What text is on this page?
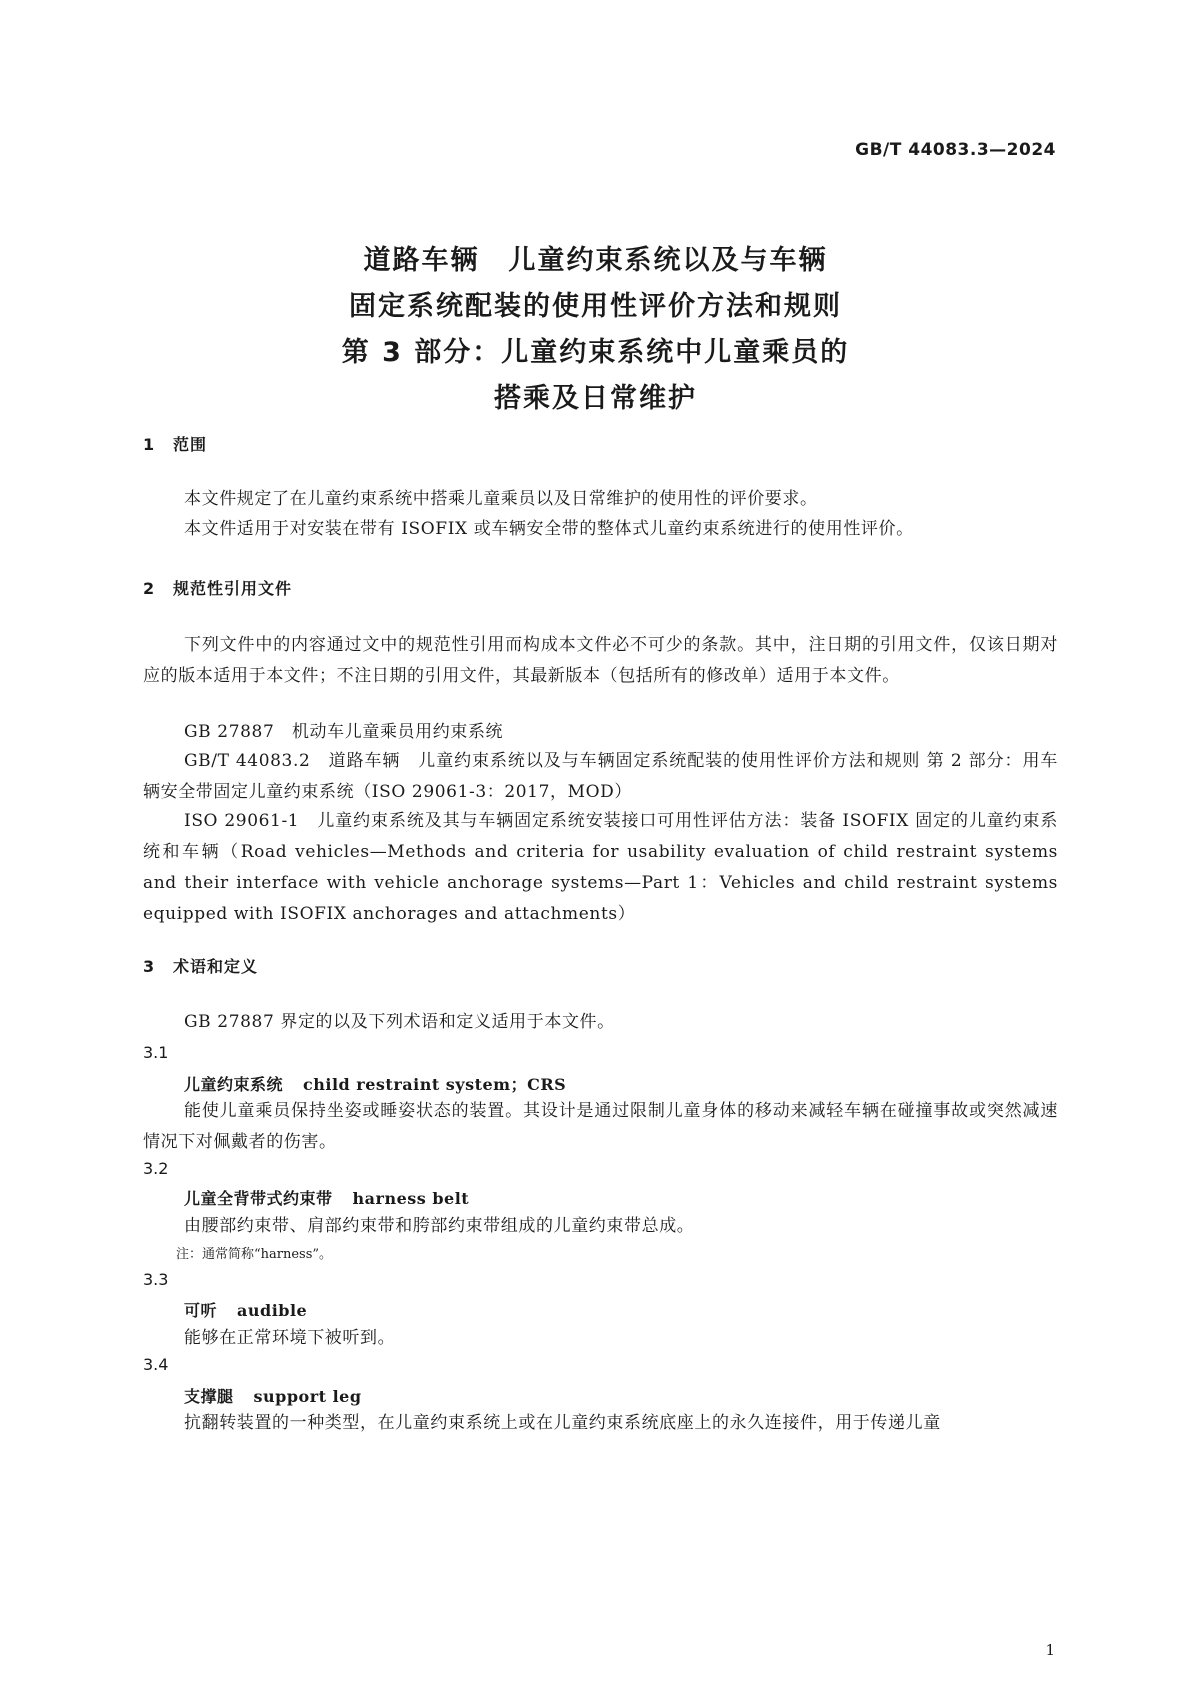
GB/T 44083.3—2024
道路车辆　儿童约束系统以及与车辆
固定系统配装的使用性评价方法和规则
第 3 部分：儿童约束系统中儿童乘员的
搭乘及日常维护
1 范围
本文件规定了在儿童约束系统中搭乘儿童乘员以及日常维护的使用性的评价要求。
本文件适用于对安装在带有 ISOFIX 或车辆安全带的整体式儿童约束系统进行的使用性评价。
2 规范性引用文件
下列文件中的内容通过文中的规范性引用而构成本文件必不可少的条款。其中，注日期的引用文件，仅该日期对应的版本适用于本文件；不注日期的引用文件，其最新版本（包括所有的修改单）适用于本文件。
GB 27887　机动车儿童乘员用约束系统
GB/T 44083.2　道路车辆　儿童约束系统以及与车辆固定系统配装的使用性评价方法和规则 第 2 部分：用车辆安全带固定儿童约束系统（ISO 29061-3：2017，MOD）
ISO 29061-1　儿童约束系统及其与车辆固定系统安装接口可用性评估方法：装备 ISOFIX 固定的儿童约束系统和车辆（Road vehicles—Methods and criteria for usability evaluation of child restraint systems and their interface with vehicle anchorage systems—Part 1：Vehicles and child restraint systems equipped with ISOFIX anchorages and attachments）
3 术语和定义
GB 27887 界定的以及下列术语和定义适用于本文件。
3.1
儿童约束系统 child restraint system；CRS
能使儿童乘员保持坐姿或睡姿状态的装置。其设计是通过限制儿童身体的移动来减轻车辆在碰撞事故或突然减速情况下对佩戴者的伤害。
3.2
儿童全背带式约束带 harness belt
由腰部约束带、肩部约束带和胯部约束带组成的儿童约束带总成。
注：通常简称“harness”。
3.3
可听 audible
能够在正常环境下被听到。
3.4
支撑腿 support leg
抗翻转装置的一种类型，在儿童约束系统上或在儿童约束系统底座上的永久连接件，用于传递儿童
1
